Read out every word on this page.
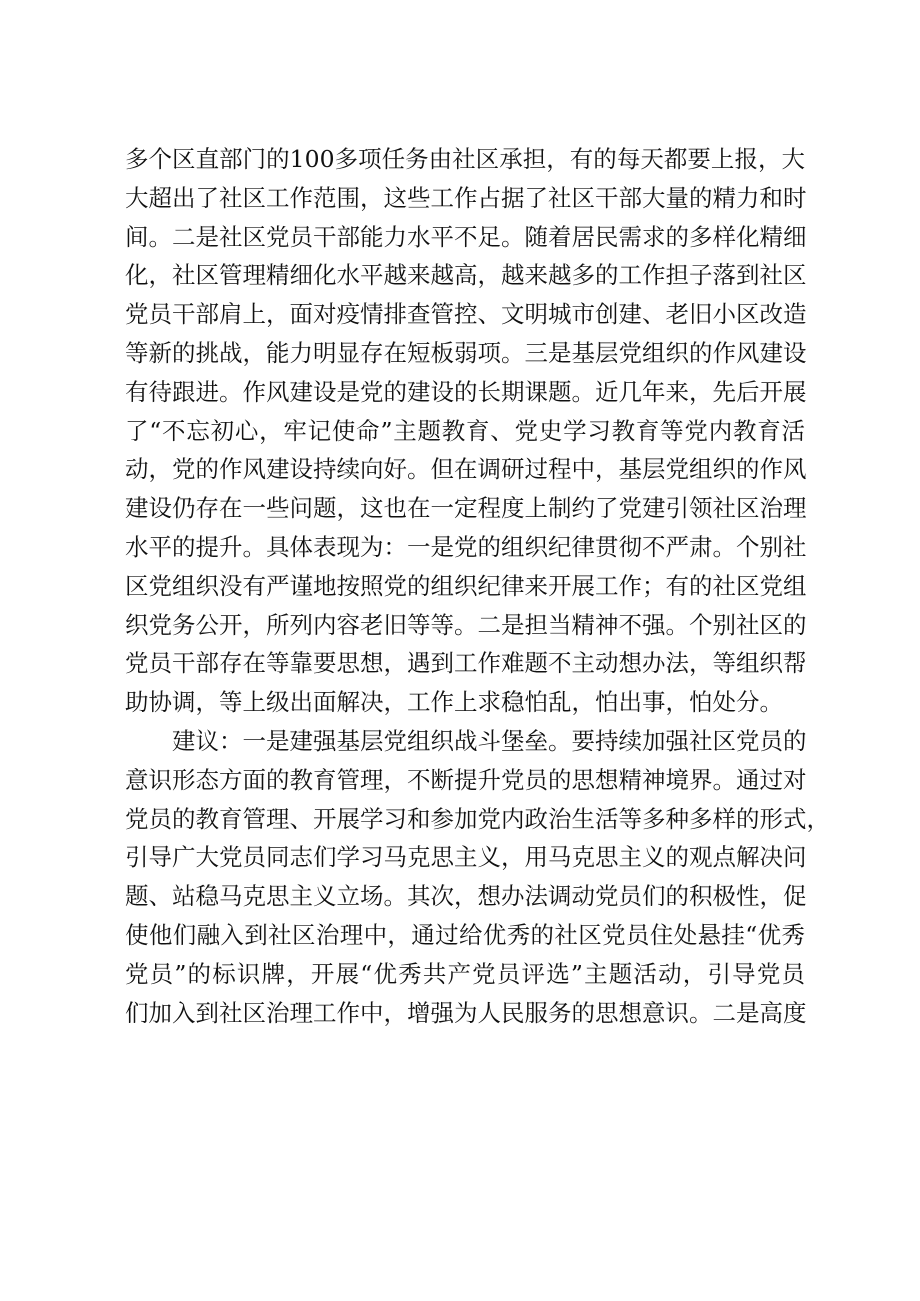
多个区直部门的100多项任务由社区承担，有的每天都要上报，大
大超出了社区工作范围，这些工作占据了社区干部大量的精力和时
间。二是社区党员干部能力水平不足。随着居民需求的多样化精细
化，社区管理精细化水平越来越高，越来越多的工作担子落到社区
党员干部肩上，面对疫情排查管控、文明城市创建、老旧小区改造
等新的挑战，能力明显存在短板弱项。三是基层党组织的作风建设
有待跟进。作风建设是党的建设的长期课题。近几年来，先后开展
了“不忘初心，牢记使命”主题教育、党史学习教育等党内教育活
动，党的作风建设持续向好。但在调研过程中，基层党组织的作风
建设仍存在一些问题，这也在一定程度上制约了党建引领社区治理
水平的提升。具体表现为：一是党的组织纪律贯彻不严肃。个别社
区党组织没有严谨地按照党的组织纪律来开展工作；有的社区党组
织党务公开，所列内容老旧等等。二是担当精神不强。个别社区的
党员干部存在等靠要思想，遇到工作难题不主动想办法，等组织帮
助协调，等上级出面解决，工作上求稳怕乱，怕出事，怕处分。
建议：一是建强基层党组织战斗堡垒。要持续加强社区党员的
意识形态方面的教育管理，不断提升党员的思想精神境界。通过对
党员的教育管理、开展学习和参加党内政治生活等多种多样的形式，
引导广大党员同志们学习马克思主义，用马克思主义的观点解决问
题、站稳马克思主义立场。其次，想办法调动党员们的积极性，促
使他们融入到社区治理中，通过给优秀的社区党员住处悬挂“优秀
党员”的标识牌，开展“优秀共产党员评选”主题活动，引导党员
们加入到社区治理工作中，增强为人民服务的思想意识。二是高度
